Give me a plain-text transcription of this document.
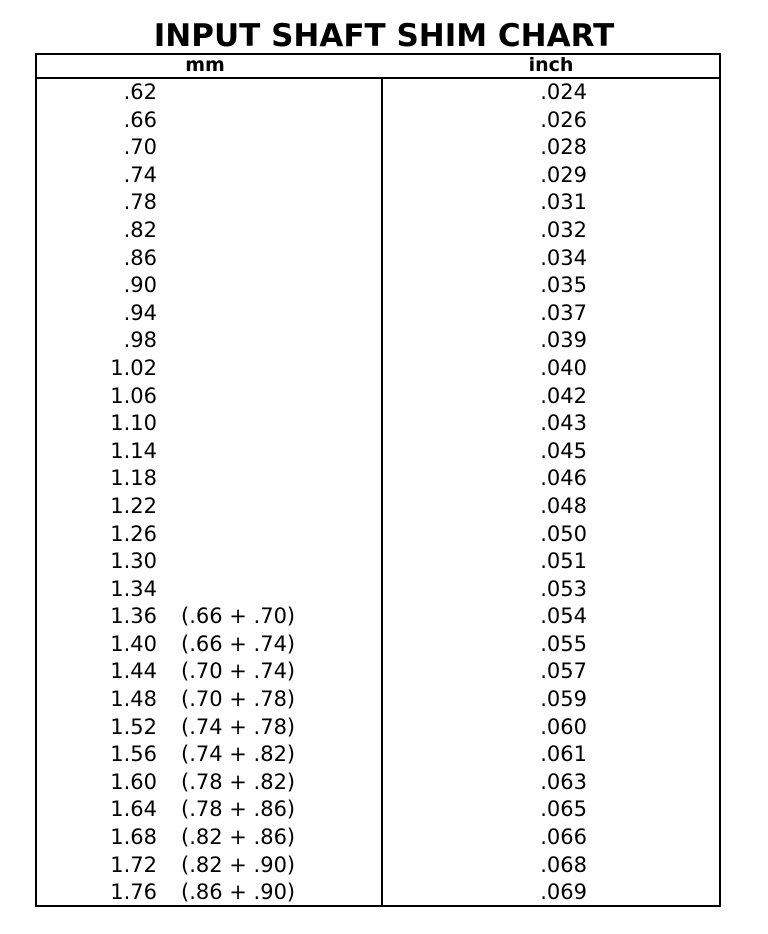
INPUT SHAFT SHIM CHART
mm	inch
.62	.024
.66	.026
.70	.028
.74	.029
.78	.031
.82	.032
.86	.034
.90	.035
.94	.037
.98	.039
1.02	.040
1.06	.042
1.10	.043
1.14	.045
1.18	.046
1.22	.048
1.26	.050
1.30	.051
1.34	.053
1.36 (.66 + .70)	.054
1.40 (.66 + .74)	.055
1.44 (.70 + .74)	.057
1.48 (.70 + .78)	.059
1.52 (.74 + .78)	.060
1.56 (.74 + .82)	.061
1.60 (.78 + .82)	.063
1.64 (.78 + .86)	.065
1.68 (.82 + .86)	.066
1.72 (.82 + .90)	.068
1.76 (.86 + .90)	.069
